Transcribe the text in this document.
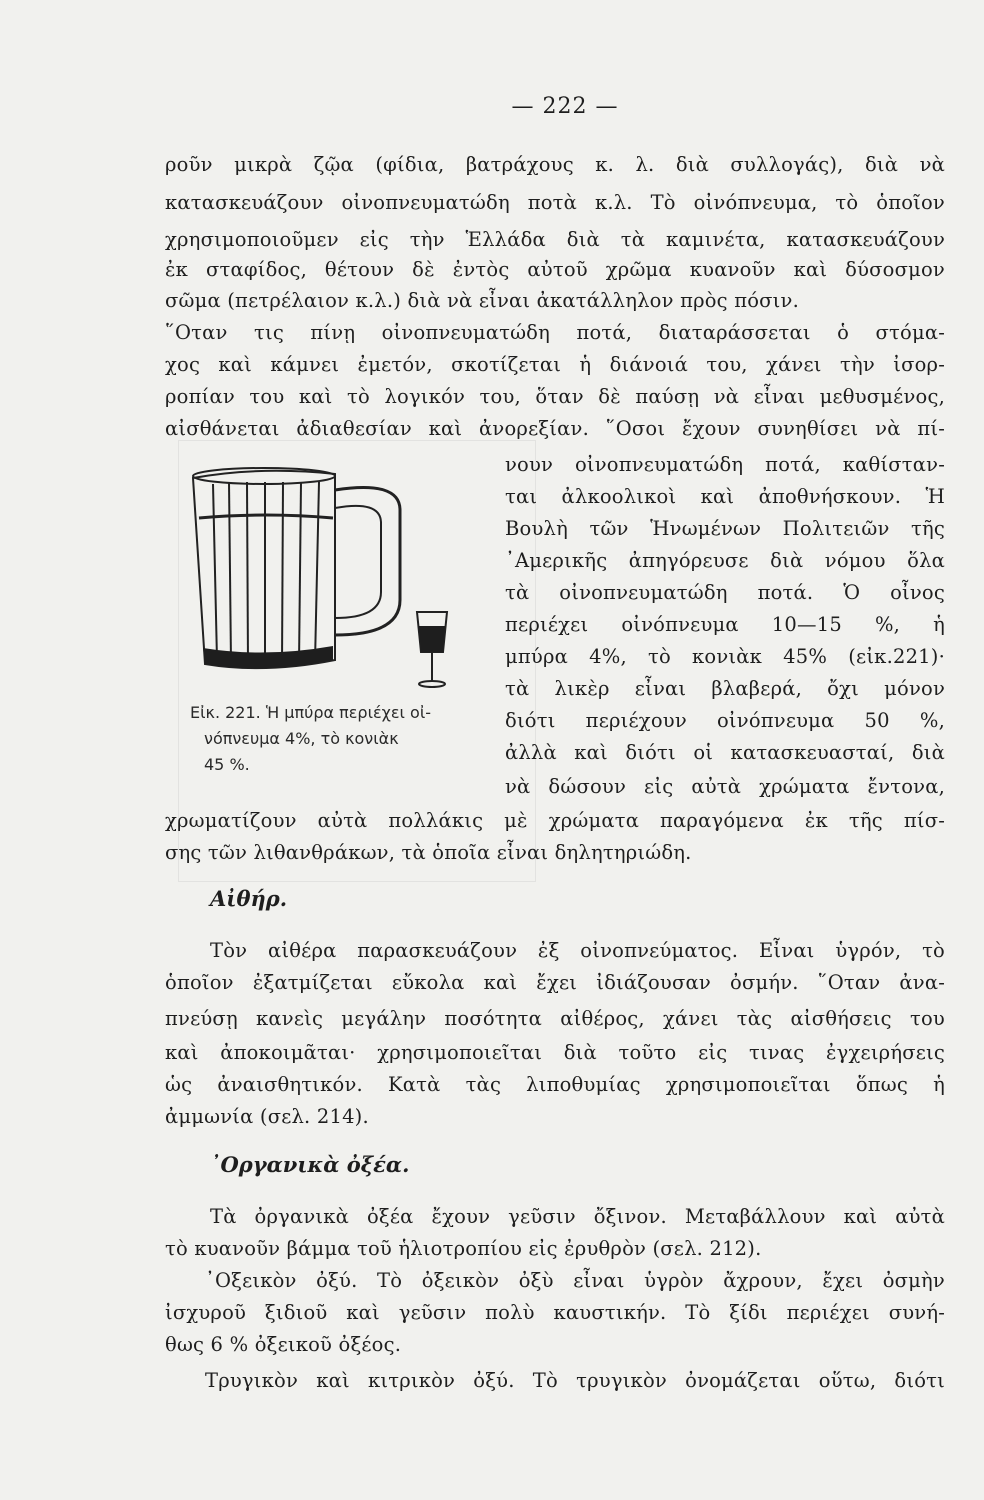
— 222 —
ροῦν μικρὰ ζῷα (φίδια, βατράχους κ. λ. διὰ συλλογάς), διὰ νὰ
κατασκευάζουν οἰνοπνευματώδη ποτὰ κ.λ. Τὸ οἰνόπνευμα, τὸ ὁποῖον
χρησιμοποιοῦμεν εἰς τὴν Ἑλλάδα διὰ τὰ καμινέτα, κατασκευάζουν
ἐκ σταφίδος, θέτουν δὲ ἐντὸς αὐτοῦ χρῶμα κυανοῦν καὶ δύσοσμον
σῶμα (πετρέλαιον κ.λ.) διὰ νὰ εἶναι ἀκατάλληλον πρὸς πόσιν.
῞Οταν τις πίνῃ οἰνοπνευματώδη ποτά, διαταράσσεται ὁ στόμα-
χος καὶ κάμνει ἐμετόν, σκοτίζεται ἡ διάνοιά του, χάνει τὴν ἰσορ-
ροπίαν του καὶ τὸ λογικόν του, ὅταν δὲ παύσῃ νὰ εἶναι μεθυσμένος,
αἰσθάνεται ἀδιαθεσίαν καὶ ἀνορεξίαν. ῞Οσοι ἔχουν συνηθίσει νὰ πί-
Εἰκ. 221. Ἡ μπύρα περιέχει οἰ-
νόπνευμα 4%, τὸ κονιὰκ
45 %.
νουν οἰνοπνευματώδη ποτά, καθίσταν-
ται ἀλκοολικοὶ καὶ ἀποθνήσκουν. Ἡ
Βουλὴ τῶν Ἡνωμένων Πολιτειῶν τῆς
᾿Αμερικῆς ἀπηγόρευσε διὰ νόμου ὅλα
τὰ οἰνοπνευματώδη ποτά. Ὁ οἶνος
περιέχει οἰνόπνευμα 10—15 %, ἡ
μπύρα 4%, τὸ κονιὰκ 45% (εἰκ.221)·
τὰ λικὲρ εἶναι βλαβερά, ὄχι μόνον
διότι περιέχουν οἰνόπνευμα 50 %,
ἀλλὰ καὶ διότι οἱ κατασκευασταί, διὰ
νὰ δώσουν εἰς αὐτὰ χρώματα ἔντονα,
χρωματίζουν αὐτὰ πολλάκις μὲ χρώματα παραγόμενα ἐκ τῆς πίσ-
σης τῶν λιθανθράκων, τὰ ὁποῖα εἶναι δηλητηριώδη.
Αἰθήρ.
Τὸν αἰθέρα παρασκευάζουν ἐξ οἰνοπνεύματος. Εἶναι ὑγρόν, τὸ
ὁποῖον ἐξατμίζεται εὔκολα καὶ ἔχει ἰδιάζουσαν ὀσμήν. ῞Οταν ἀνα-
πνεύσῃ κανεὶς μεγάλην ποσότητα αἰθέρος, χάνει τὰς αἰσθήσεις του
καὶ ἀποκοιμᾶται· χρησιμοποιεῖται διὰ τοῦτο εἰς τινας ἐγχειρήσεις
ὡς ἀναισθητικόν. Κατὰ τὰς λιποθυμίας χρησιμοποιεῖται ὅπως ἡ
ἀμμωνία (σελ. 214).
᾿Οργανικὰ ὀξέα.
Τὰ ὀργανικὰ ὀξέα ἔχουν γεῦσιν ὄξινον. Μεταβάλλουν καὶ αὐτὰ
τὸ κυανοῦν βάμμα τοῦ ἡλιοτροπίου εἰς ἐρυθρὸν (σελ. 212).
᾿Οξεικὸν ὀξύ. Τὸ ὀξεικὸν ὀξὺ εἶναι ὑγρὸν ἄχρουν, ἔχει ὀσμὴν
ἰσχυροῦ ξιδιοῦ καὶ γεῦσιν πολὺ καυστικήν. Τὸ ξίδι περιέχει συνή-
θως 6 % ὀξεικοῦ ὀξέος.
Τρυγικὸν καὶ κιτρικὸν ὀξύ. Τὸ τρυγικὸν ὀνομάζεται οὕτω, διότι
